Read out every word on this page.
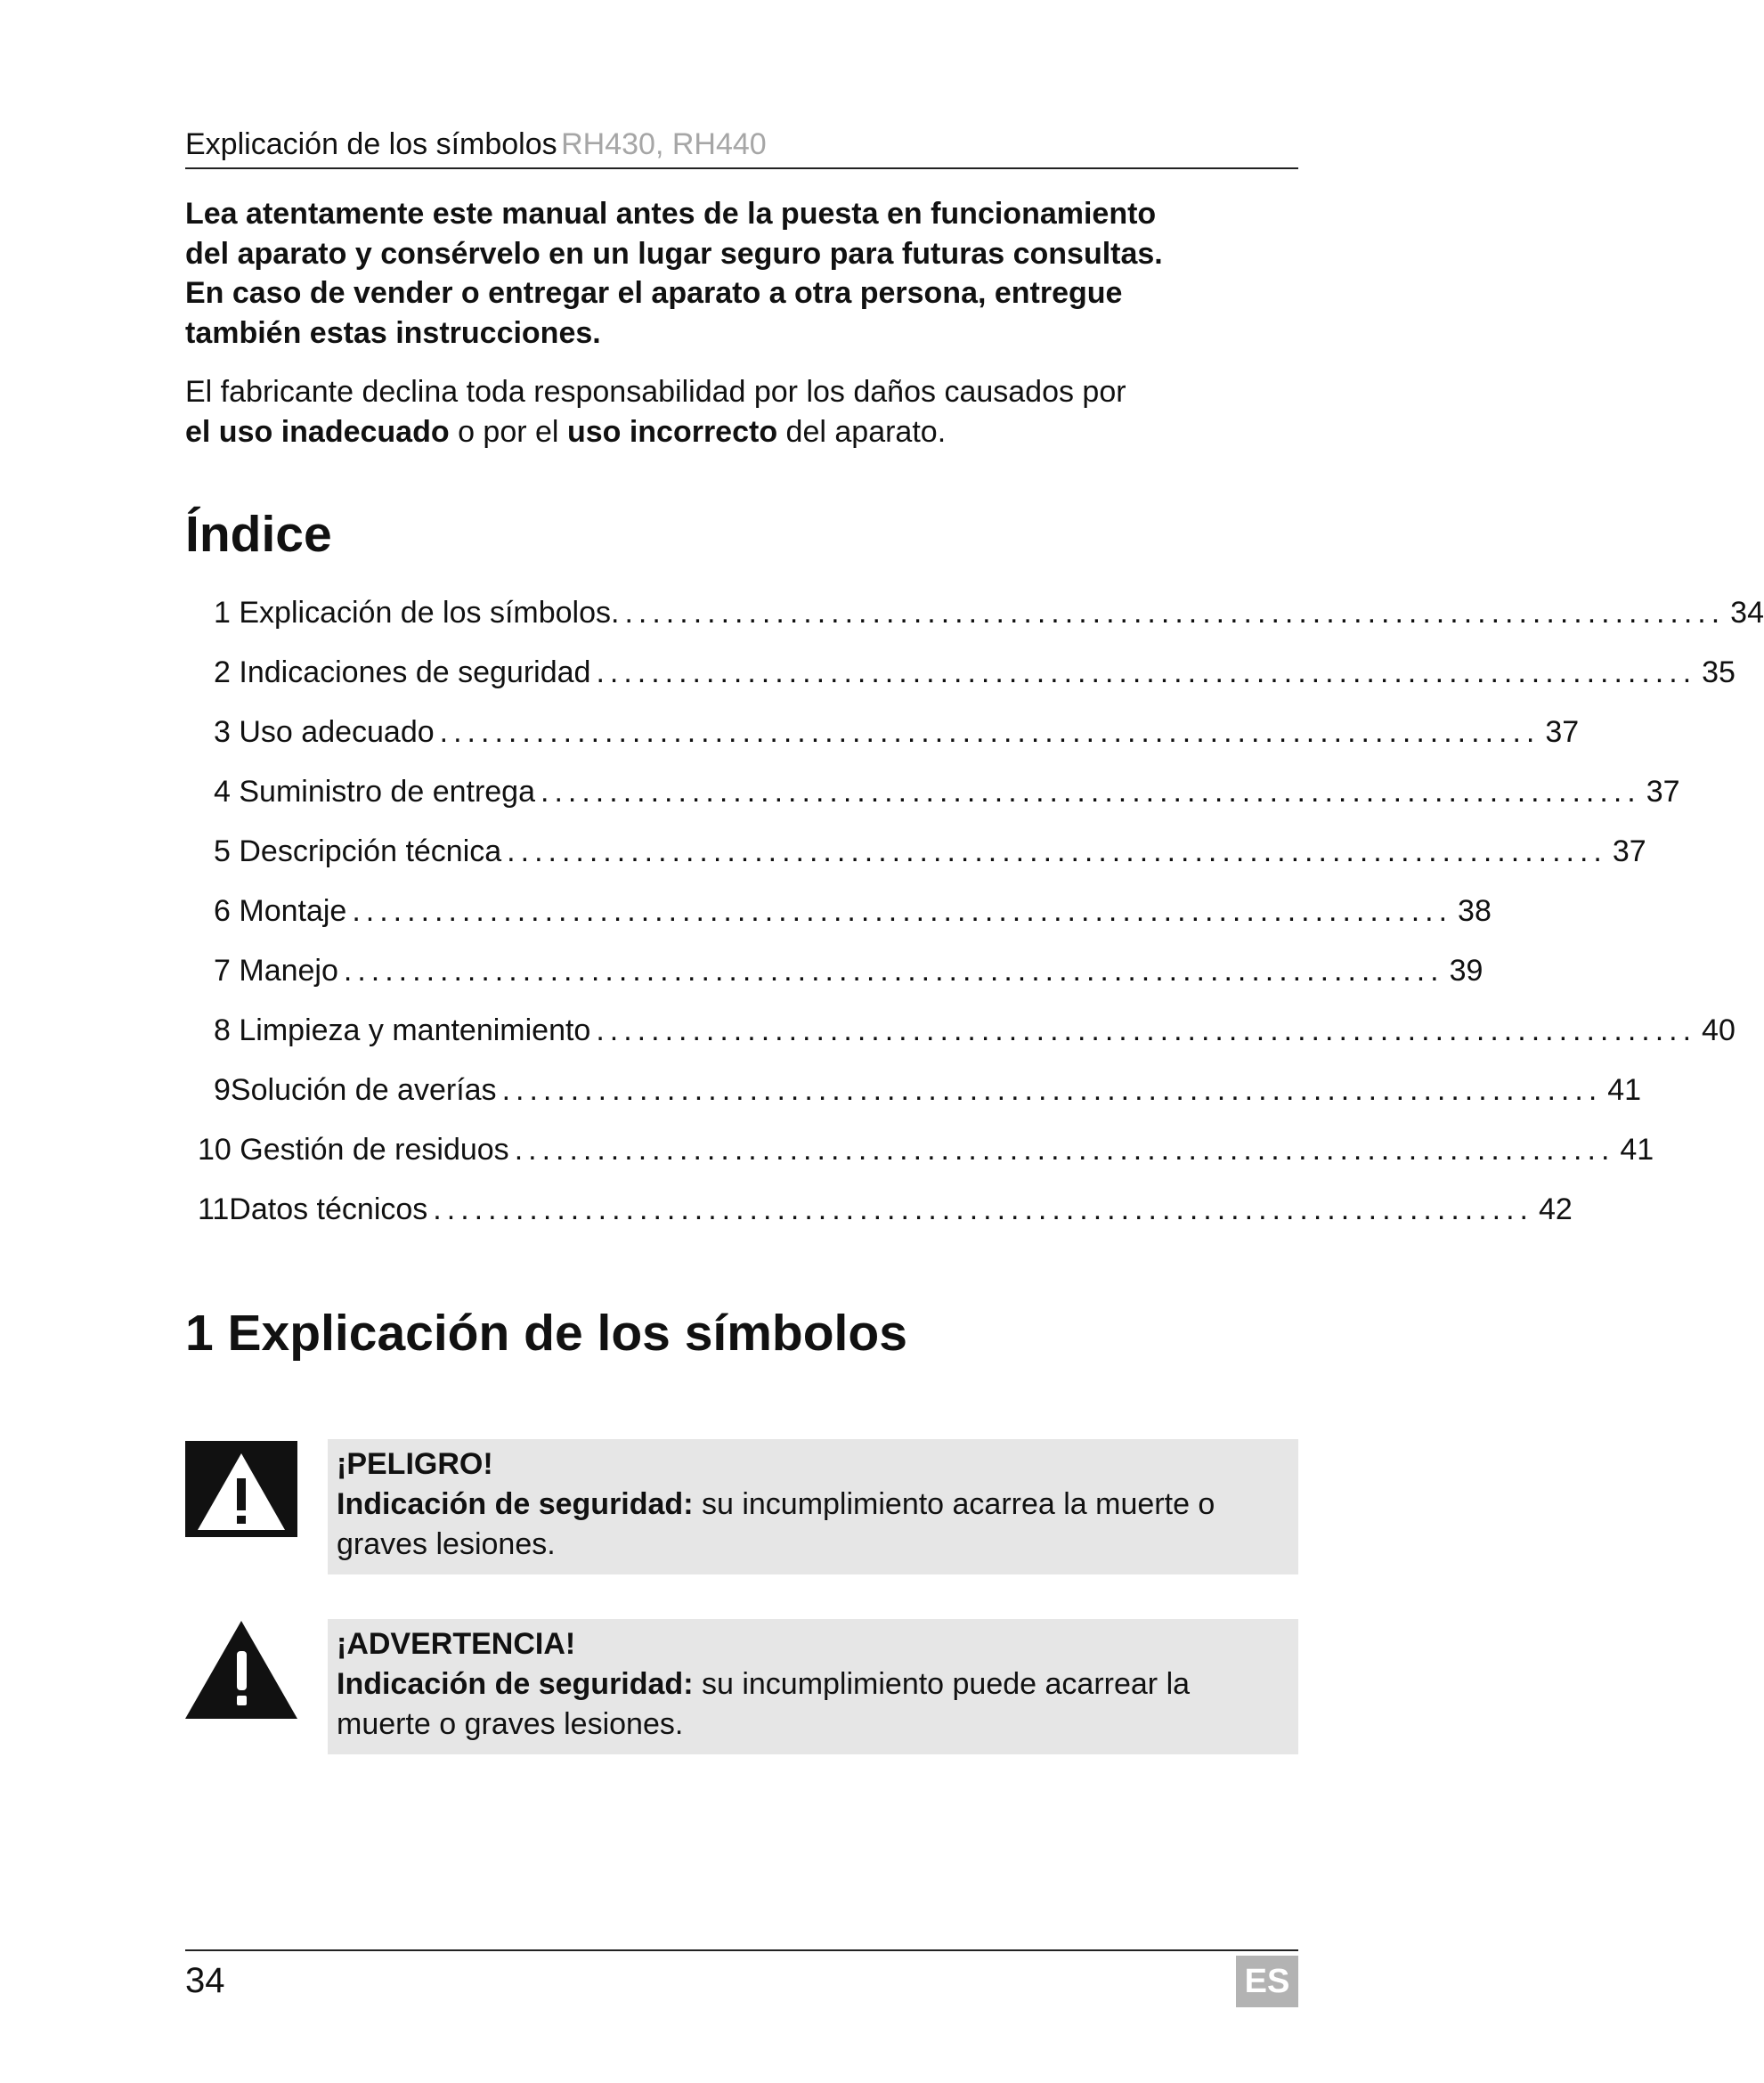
Explicación de los símbolos RH430, RH440
Lea atentamente este manual antes de la puesta en funcionamiento
del aparato y consérvelo en un lugar seguro para futuras consultas.
En caso de vender o entregar el aparato a otra persona, entregue
también estas instrucciones.
El fabricante declina toda responsabilidad por los daños causados por
el uso inadecuado o por el uso incorrecto del aparato.
Índice
1
Explicación de los símbolos. ................................................................................ 34
2
Indicaciones de seguridad ................................................................................ 35
3
Uso adecuado ................................................................................ 37
4
Suministro de entrega ................................................................................ 37
5
Descripción técnica ................................................................................ 37
6
Montaje ................................................................................ 38
7
Manejo ................................................................................ 39
8
Limpieza y mantenimiento ................................................................................ 40
9 Solución de averías ................................................................................ 41
10
Gestión de residuos ................................................................................ 41
11 Datos técnicos ................................................................................ 42
1 Explicación de los símbolos
¡PELIGRO!
Indicación de seguridad: su incumplimiento acarrea la muerte o graves lesiones.
¡ADVERTENCIA!
Indicación de seguridad: su incumplimiento puede acarrear la muerte o graves lesiones.
34	ES
